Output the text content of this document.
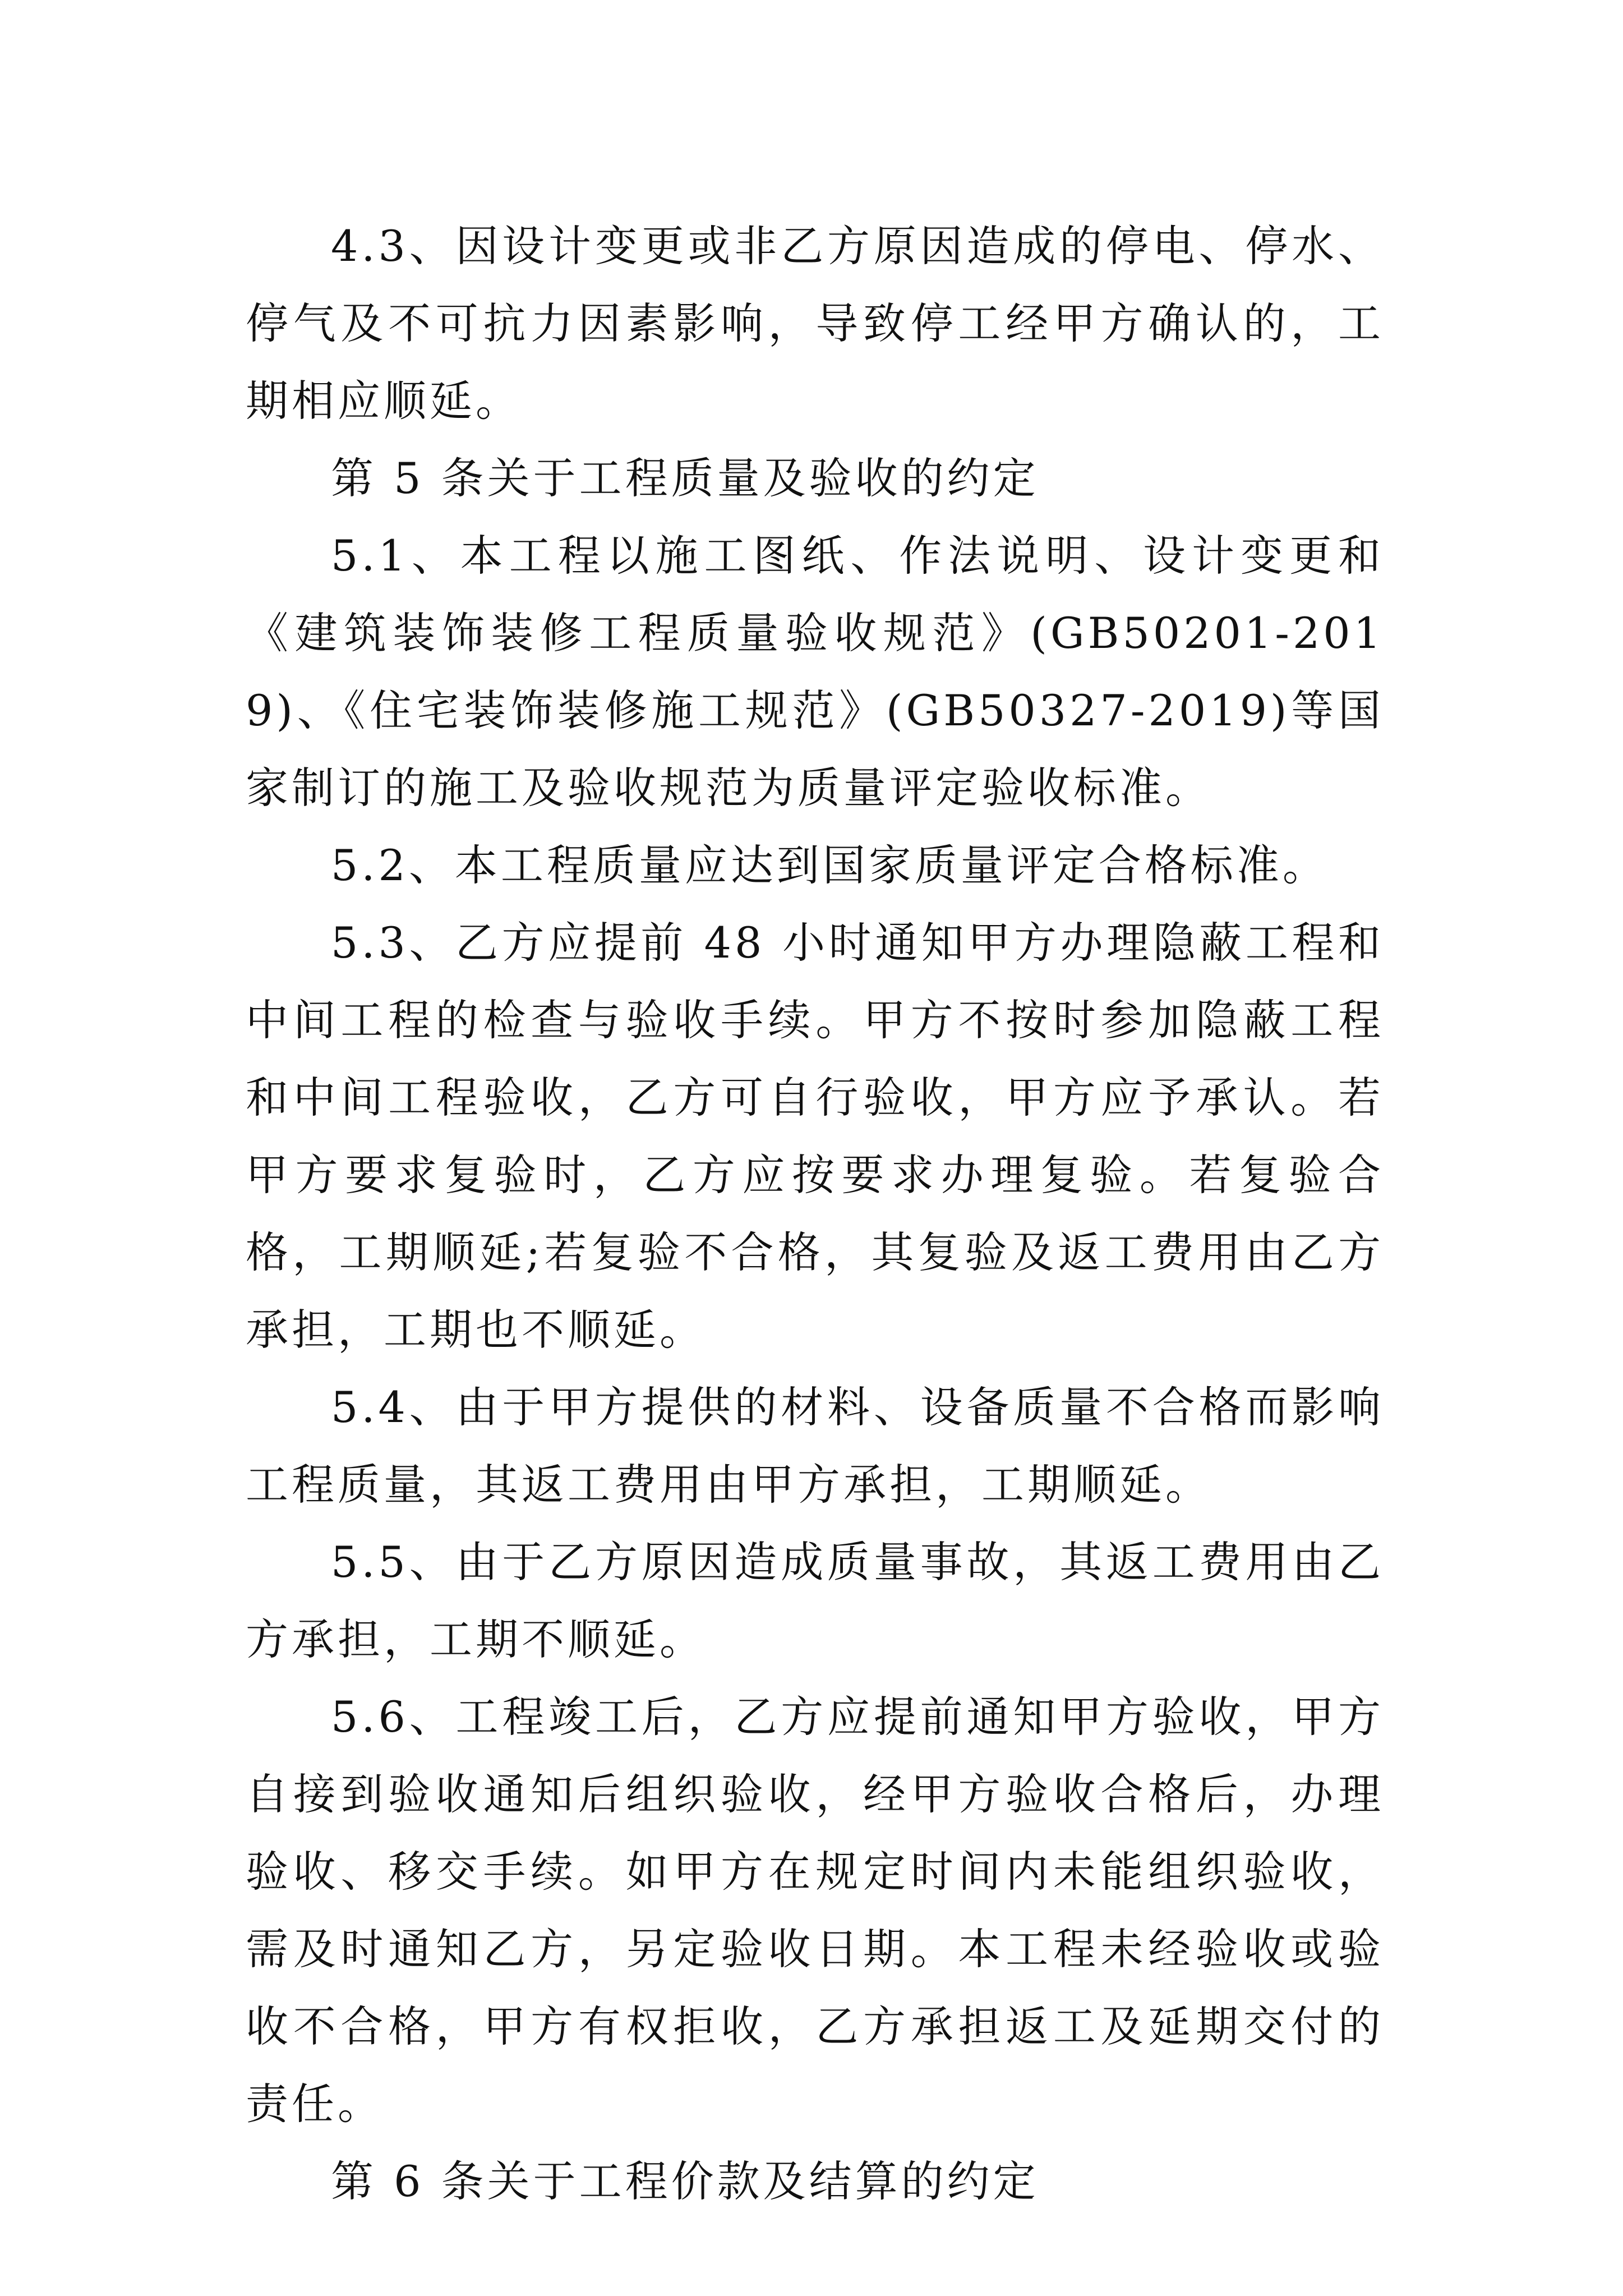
4.3、因设计变更或非乙方原因造成的停电、停水、停气及不可抗力因素影响，导致停工经甲方确认的，工期相应顺延。

第 5 条关于工程质量及验收的约定

5.1、本工程以施工图纸、作法说明、设计变更和《建筑装饰装修工程质量验收规范》(GB50201-2019)、《住宅装饰装修施工规范》(GB50327-2019)等国家制订的施工及验收规范为质量评定验收标准。

5.2、本工程质量应达到国家质量评定合格标准。

5.3、乙方应提前 48 小时通知甲方办理隐蔽工程和中间工程的检查与验收手续。甲方不按时参加隐蔽工程和中间工程验收，乙方可自行验收，甲方应予承认。若甲方要求复验时，乙方应按要求办理复验。若复验合格，工期顺延;若复验不合格，其复验及返工费用由乙方承担，工期也不顺延。

5.4、由于甲方提供的材料、设备质量不合格而影响工程质量，其返工费用由甲方承担，工期顺延。

5.5、由于乙方原因造成质量事故，其返工费用由乙方承担，工期不顺延。

5.6、工程竣工后，乙方应提前通知甲方验收，甲方自接到验收通知后组织验收，经甲方验收合格后，办理验收、移交手续。如甲方在规定时间内未能组织验收，需及时通知乙方，另定验收日期。本工程未经验收或验收不合格，甲方有权拒收，乙方承担返工及延期交付的责任。

第 6 条关于工程价款及结算的约定
